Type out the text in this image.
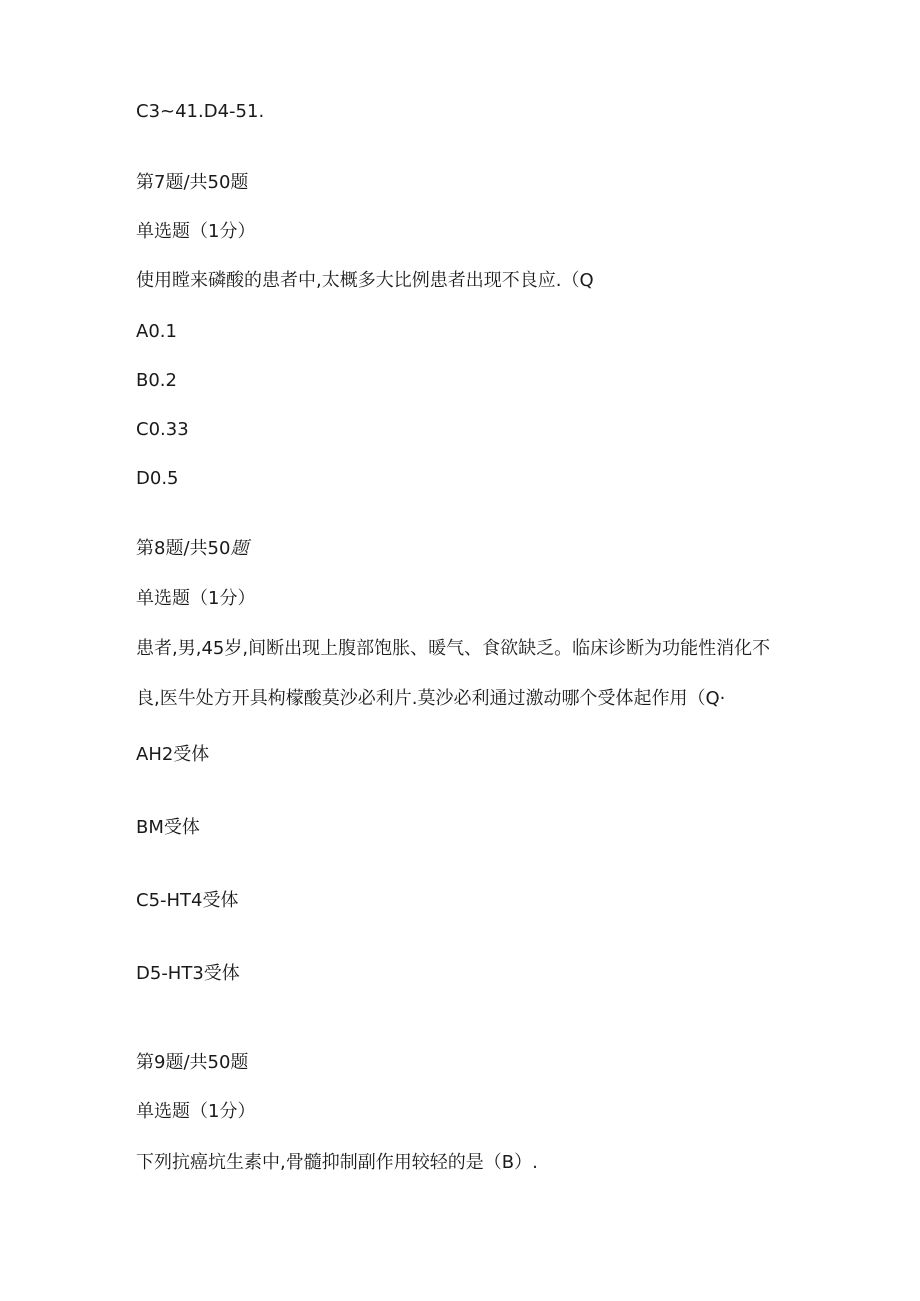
C3~41.D4-51.
第7题/共50题
单选题（1分）
使用瞠来磷酸的患者中,太概多大比例患者出现不良应.（Q
A0.1
B0.2
C0.33
D0.5
第8题/共50题
单选题（1分）
患者,男,45岁,间断出现上腹部饱胀、暖气、食欲缺乏。临床诊断为功能性消化不
良,医牛处方开具枸檬酸莫沙必利片.莫沙必利通过激动哪个受体起作用（Q·
AH2受体
BM受体
C5-HT4受体
D5-HT3受体
第9题/共50题
单选题（1分）
下列抗癌坑生素中,骨髓抑制副作用较轻的是（B）.
